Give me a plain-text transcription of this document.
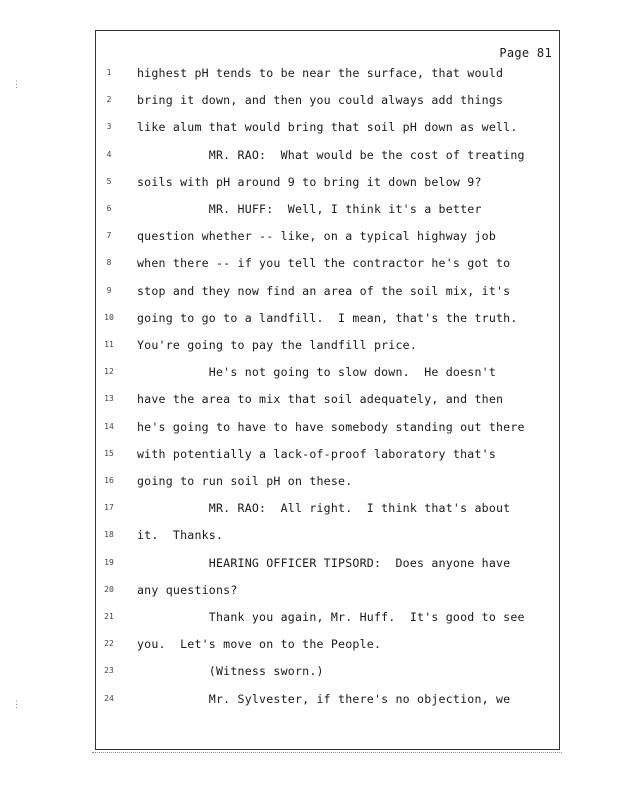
⋮
⋮
Page 81
1	highest pH tends to be near the surface, that would
2	bring it down, and then you could always add things
3	like alum that would bring that soil pH down as well.
4	MR. RAO:  What would be the cost of treating
5	soils with pH around 9 to bring it down below 9?
6	MR. HUFF:  Well, I think it's a better
7	question whether -- like, on a typical highway job
8	when there -- if you tell the contractor he's got to
9	stop and they now find an area of the soil mix, it's
10	going to go to a landfill.  I mean, that's the truth.
11	You're going to pay the landfill price.
12	He's not going to slow down.  He doesn't
13	have the area to mix that soil adequately, and then
14	he's going to have to have somebody standing out there
15	with potentially a lack-of-proof laboratory that's
16	going to run soil pH on these.
17	MR. RAO:  All right.  I think that's about
18	it.  Thanks.
19	HEARING OFFICER TIPSORD:  Does anyone have
20	any questions?
21	Thank you again, Mr. Huff.  It's good to see
22	you.  Let's move on to the People.
23	(Witness sworn.)
24	Mr. Sylvester, if there's no objection, we
